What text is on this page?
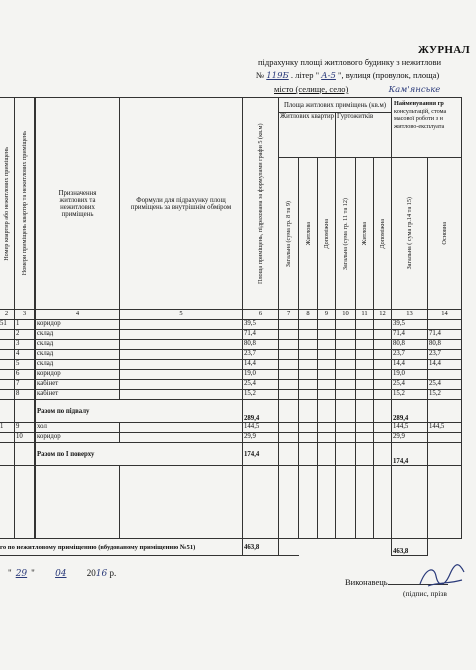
ЖУРНАЛ
підрахунку площі житлового будинку з нежитлови
№ 119Б . літер " А-5 ", вулиця (провулок, площа)
місто (селище, село)	Кам'янське
Номер квартир або нежитлових приміщень	Номери приміщень квартир та нежитлових приміщень		Призначення житлових та нежитлових приміщень	Формули для підрахунку площ приміщень за внутрішнім обміром	Площа приміщень, підрахована за формулами графи 5 (кв.м)	Площа житлових приміщень (кв.м)						Найменування гр
консультацій, стома
масової роботи з н
житлово-експлуата	

					Житлових квартир			Гуртожитків				

					Загальна (сума гр. 8 та 9)	Житлова	Допоміжна	Загальна (сума гр. 11 та 12)	Житлова	Допоміжна	Загальна ( сума гр.14 та 15)	Основна

2	3		4	5	6	7	8	9	10	11	12	13	14
51	1		коридор		39,5							39,5	
	2		склад		71,4							71,4	71,4
	3		склад		80,8							80,8	80,8
	4		склад		23,7							23,7	23,7
	5		склад		14,4							14,4	14,4
	6		коридор		19,0							19,0	
	7		кабінет		25,4							25,4	25,4
	8		кабінет		15,2							15,2	15,2
			Разом по підвалу		289,4							289,4	
1	9		хол		144,5							144,5	144,5
	10		коридор		29,9							29,9	
			Разом по I поверху		174,4							174,4	

го по нежитловому приміщенню (вбудованому приміщенню №51)				463,8							463,8	
" 29 " 04 2016 р.
Виконавець
(підпис, прізв
